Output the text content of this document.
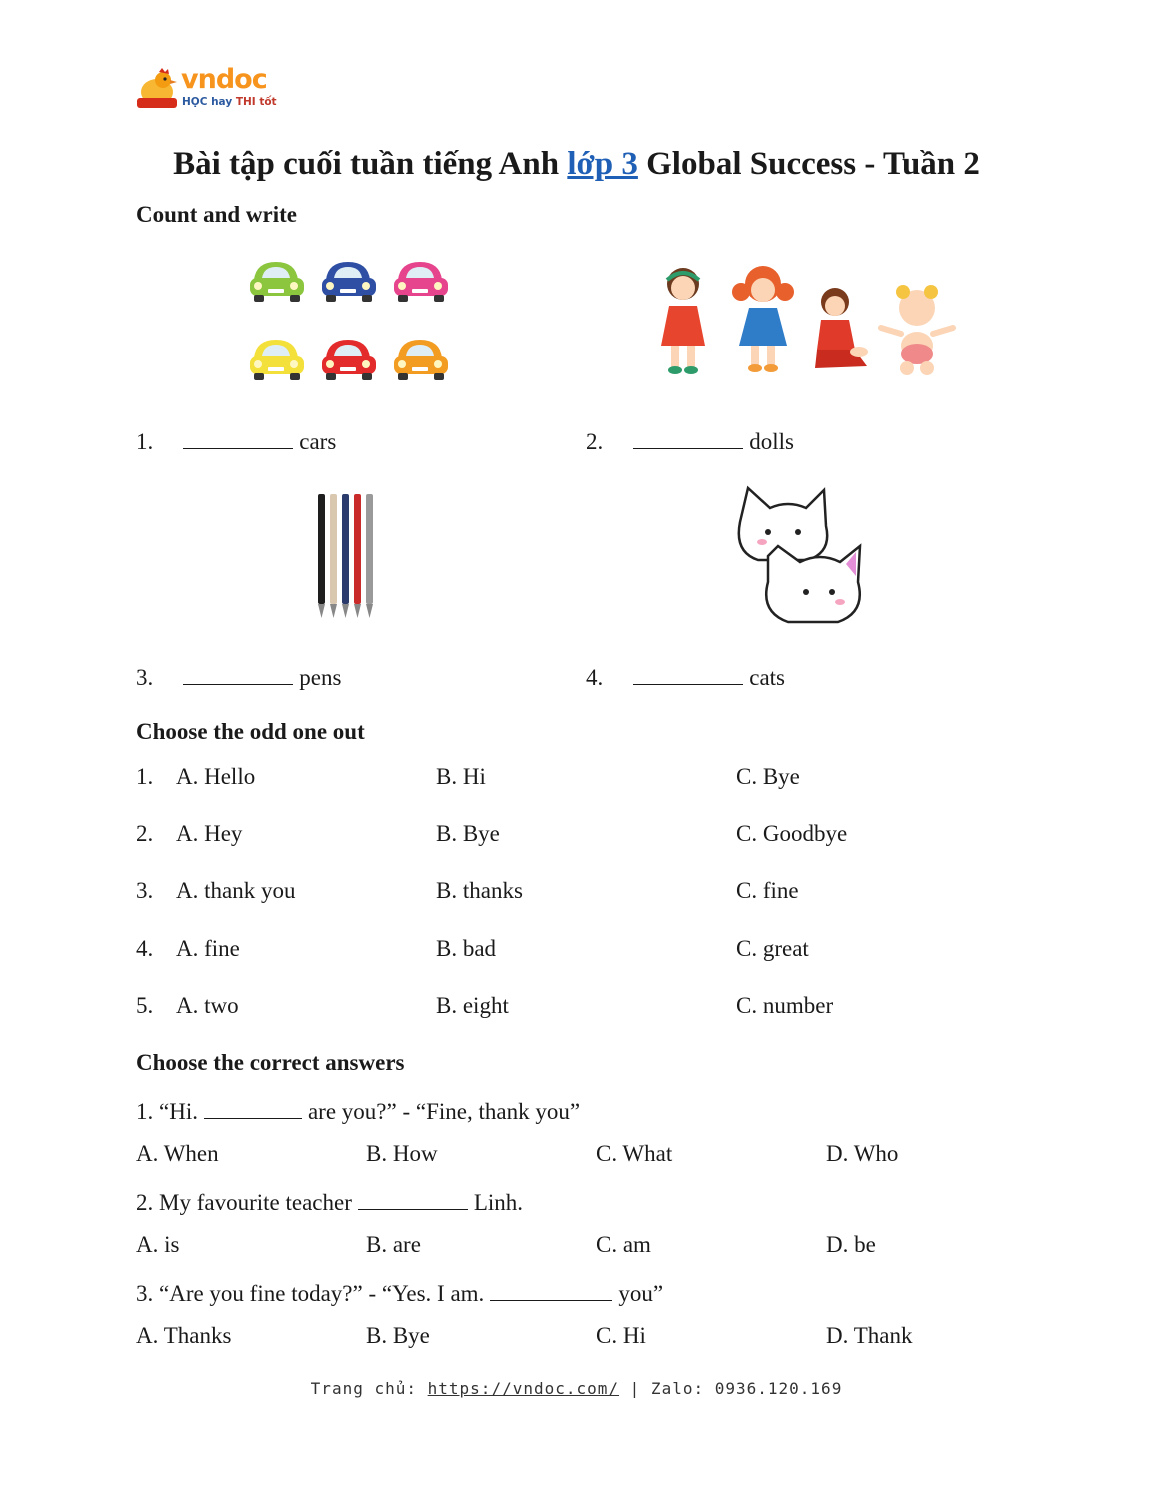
vndoc
HỌC hay THI tốt
Bài tập cuối tuần tiếng Anh lớp 3 Global Success - Tuần 2
Count and write
1.	cars	2.	dolls
3.	pens	4.	cats
Choose the odd one out
1. A. Hello	B. Hi	C. Bye
2. A. Hey	B. Bye	C. Goodbye
3. A. thank you	B. thanks	C. fine
4. A. fine	B. bad	C. great
5. A. two	B. eight	C. number
Choose the correct answers
1. “Hi.	are you?” - “Fine, thank you”
A. When	B. How	C. What	D. Who
2. My favourite teacher	Linh.
A. is	B. are	C. am	D. be
3. “Are you fine today?” - “Yes. I am.	you”
A. Thanks	B. Bye	C. Hi	D. Thank
Trang chủ: https://vndoc.com/ | Zalo: 0936.120.169
